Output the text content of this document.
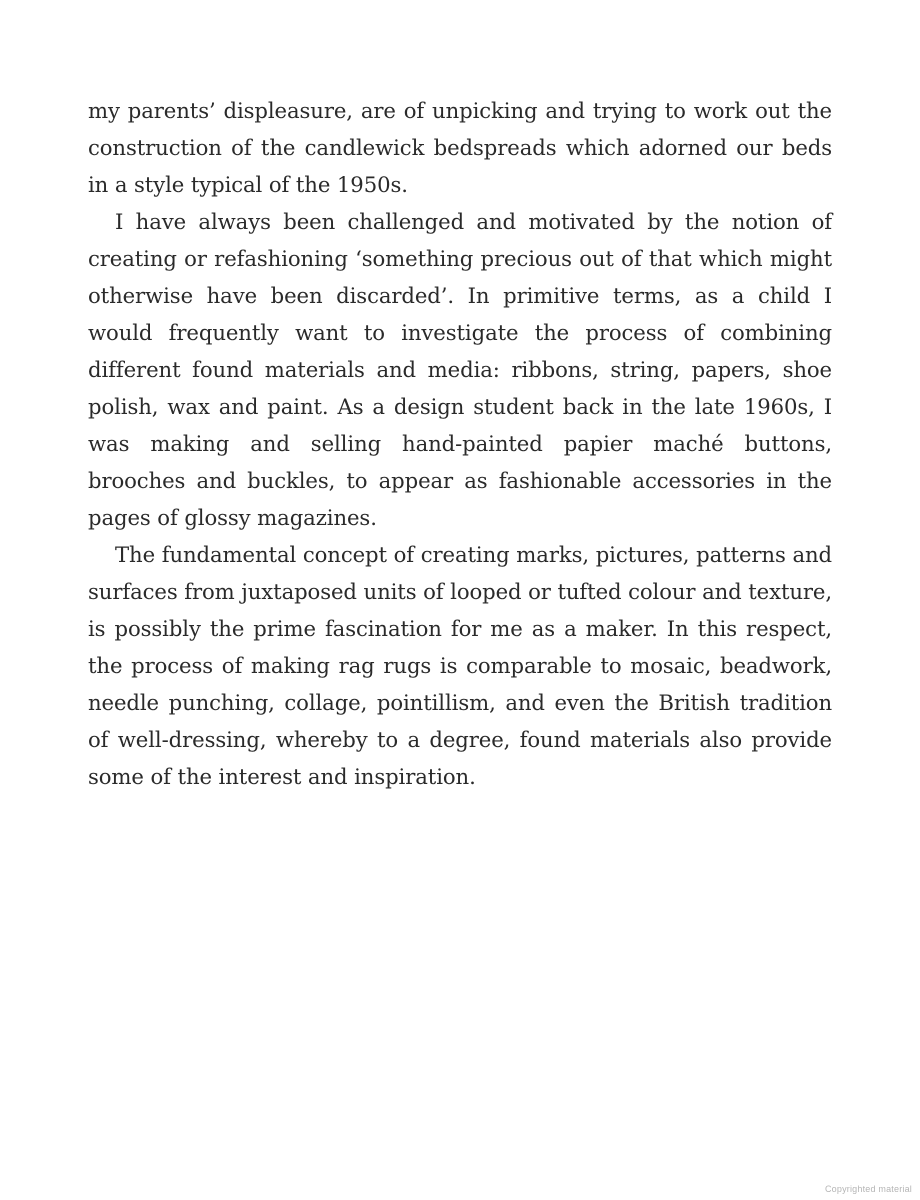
my parents’ displeasure, are of unpicking and trying to work out the construction of the candlewick bedspreads which adorned our beds in a style typical of the 1950s.

I have always been challenged and motivated by the notion of creating or refashioning ‘something precious out of that which might otherwise have been discarded’. In primitive terms, as a child I would frequently want to investigate the process of combining different found materials and media: ribbons, string, papers, shoe polish, wax and paint. As a design student back in the late 1960s, I was making and selling hand-painted papier maché buttons, brooches and buckles, to appear as fashionable accessories in the pages of glossy magazines.

The fundamental concept of creating marks, pictures, patterns and surfaces from juxtaposed units of looped or tufted colour and texture, is possibly the prime fascination for me as a maker. In this respect, the process of making rag rugs is comparable to mosaic, beadwork, needle punching, collage, pointillism, and even the British tradition of well-dressing, whereby to a degree, found materials also provide some of the interest and inspiration.

Copyrighted material
